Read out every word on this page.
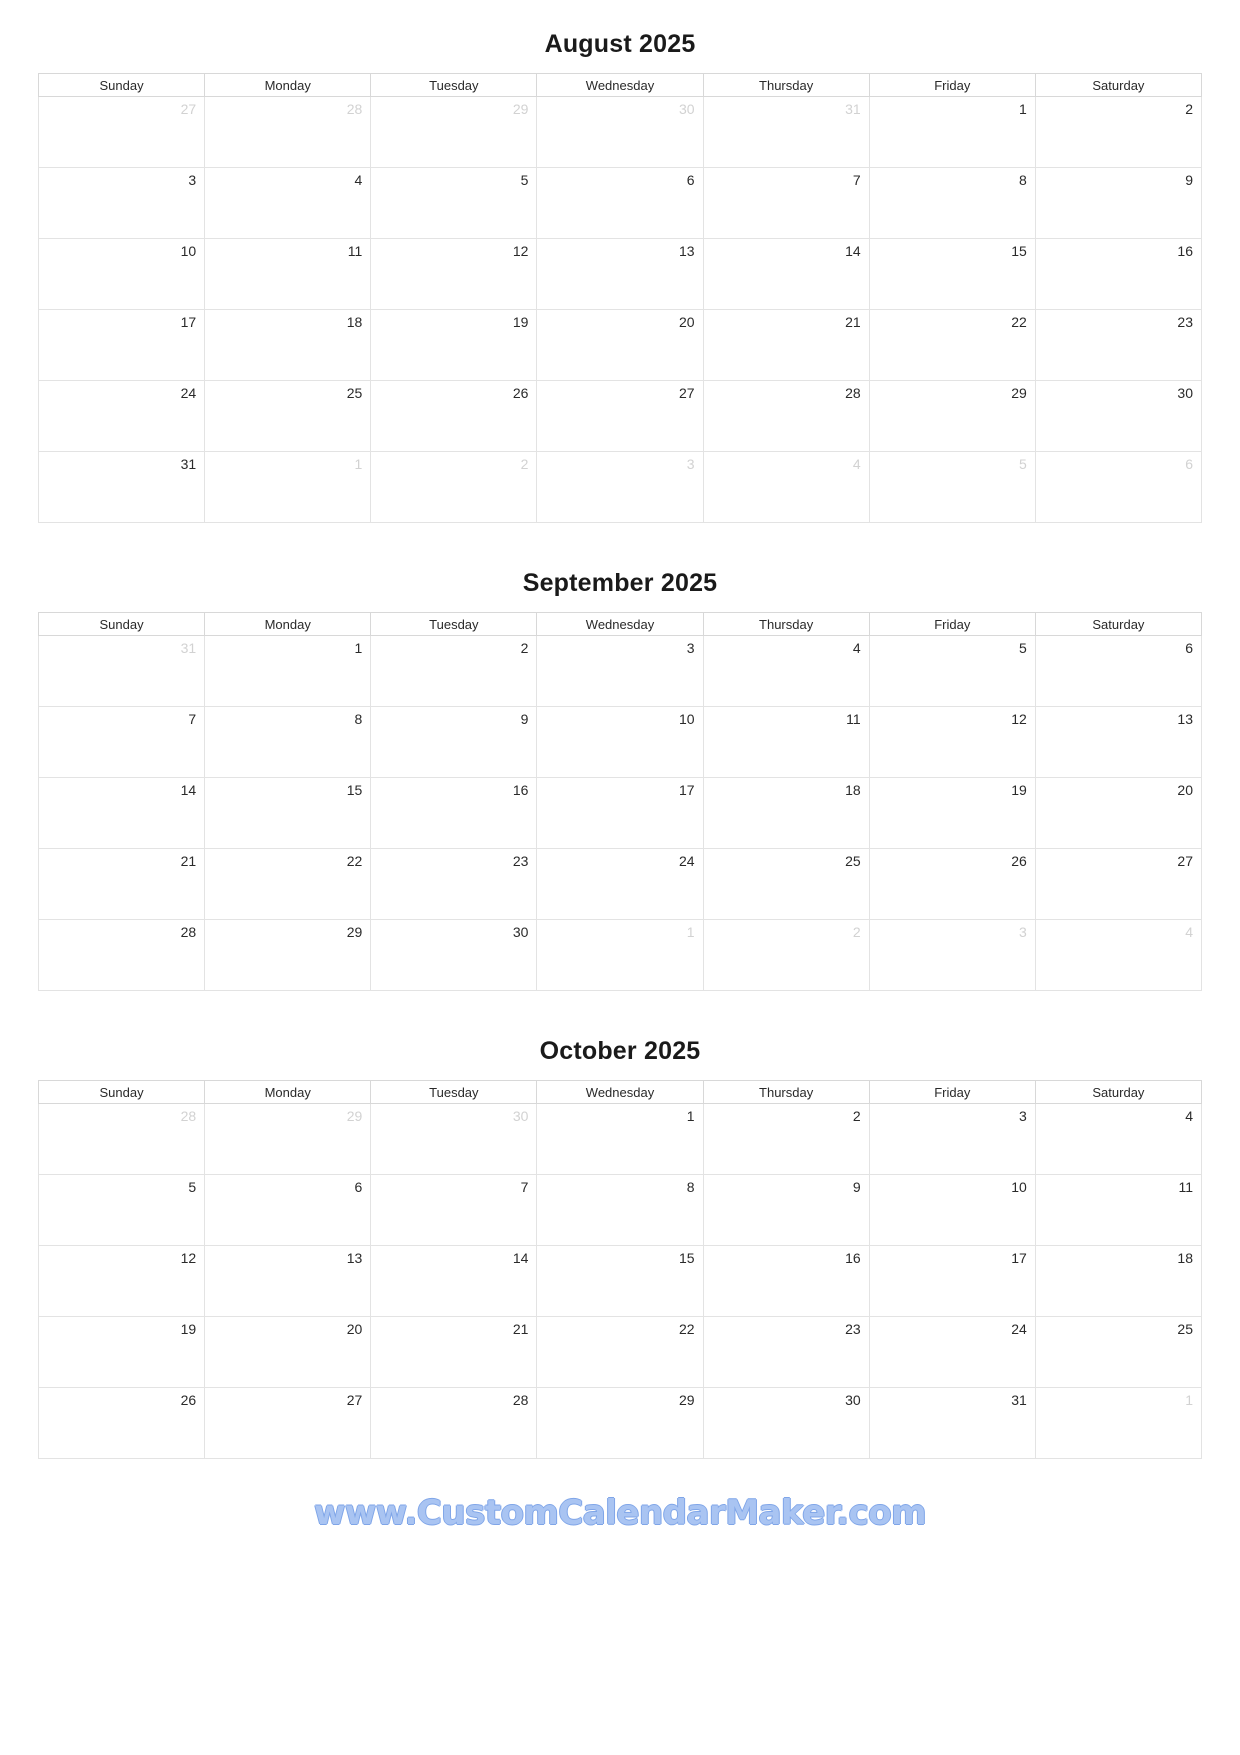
August 2025
Sunday	Monday	Tuesday	Wednesday	Thursday	Friday	Saturday
27	28	29	30	31	1	2
3	4	5	6	7	8	9
10	11	12	13	14	15	16
17	18	19	20	21	22	23
24	25	26	27	28	29	30
31	1	2	3	4	5	6
September 2025
Sunday	Monday	Tuesday	Wednesday	Thursday	Friday	Saturday
31	1	2	3	4	5	6
7	8	9	10	11	12	13
14	15	16	17	18	19	20
21	22	23	24	25	26	27
28	29	30	1	2	3	4
October 2025
Sunday	Monday	Tuesday	Wednesday	Thursday	Friday	Saturday
28	29	30	1	2	3	4
5	6	7	8	9	10	11
12	13	14	15	16	17	18
19	20	21	22	23	24	25
26	27	28	29	30	31	1
www.CustomCalendarMaker.com
